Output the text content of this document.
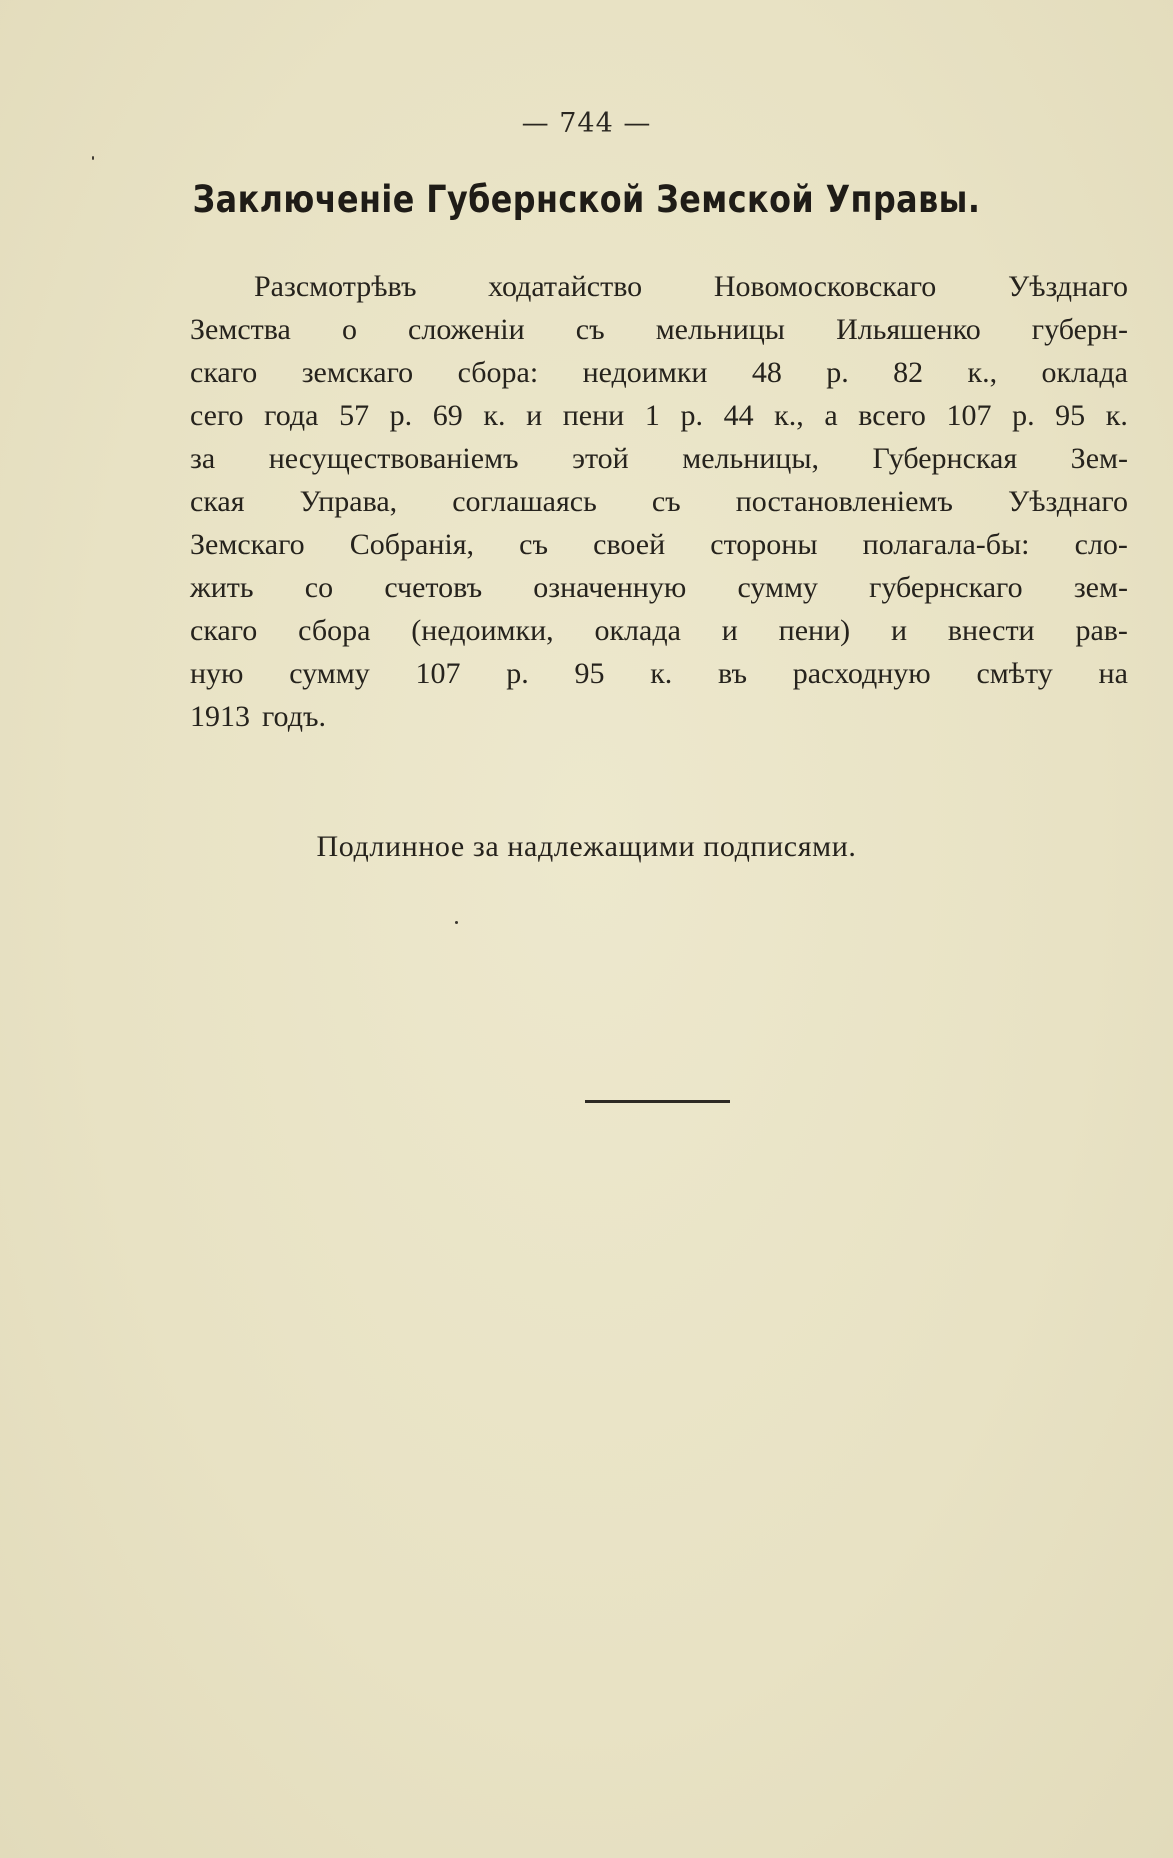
— 744 —
Заключеніе Губернской Земской Управы.
Разсмотрѣвъ ходатайство Новомосковскаго Уѣзднаго
Земства о сложеніи съ мельницы Ильяшенко губерн-
скаго земскаго сбора: недоимки 48 р. 82 к., оклада
сего года 57 р. 69 к. и пени 1 р. 44 к., а всего 107 р. 95 к.
за несуществованіемъ этой мельницы, Губернская Зем-
ская Управа, соглашаясь съ постановленіемъ Уѣзднаго
Земскаго Собранія, съ своей стороны полагала-бы: сло-
жить со счетовъ означенную сумму губернскаго зем-
скаго сбора (недоимки, оклада и пени) и внести рав-
ную сумму 107 р. 95 к. въ расходную смѣту на
1913 годъ.
Подлинное за надлежащими подписями.
